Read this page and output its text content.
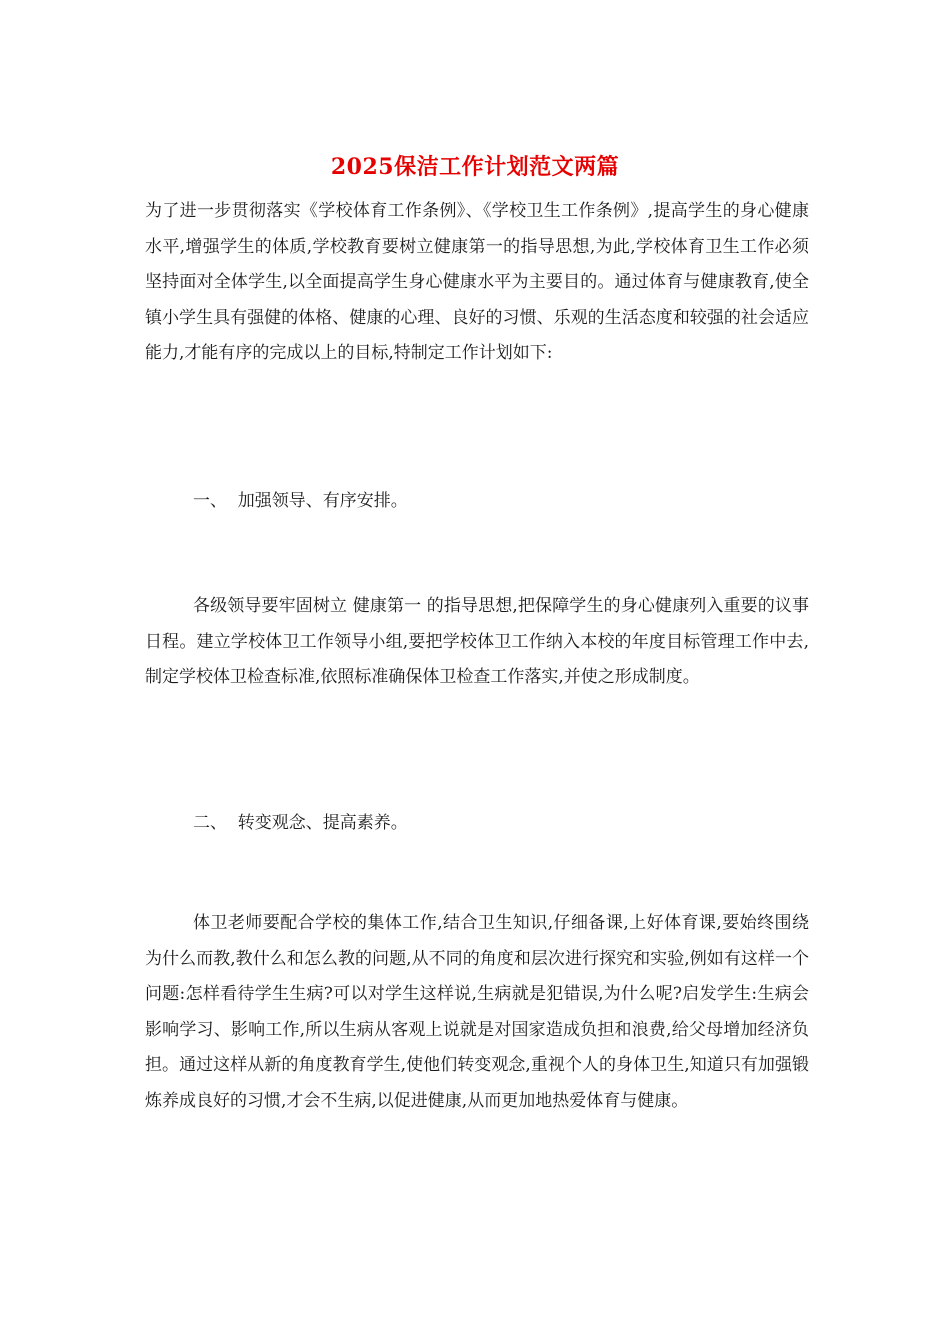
2025保洁工作计划范文两篇
为了进一步贯彻落实《学校体育工作条例》、《学校卫生工作条例》,提高学生的身心健康水平,增强学生的体质,学校教育要树立健康第一的指导思想,为此,学校体育卫生工作必须坚持面对全体学生,以全面提高学生身心健康水平为主要目的。通过体育与健康教育,使全镇小学生具有强健的体格、健康的心理、良好的习惯、乐观的生活态度和较强的社会适应能力,才能有序的完成以上的目标,特制定工作计划如下:
一、  加强领导、有序安排。
各级领导要牢固树立 健康第一 的指导思想,把保障学生的身心健康列入重要的议事日程。建立学校体卫工作领导小组,要把学校体卫工作纳入本校的年度目标管理工作中去,制定学校体卫检查标准,依照标准确保体卫检查工作落实,并使之形成制度。
二、  转变观念、提高素养。
体卫老师要配合学校的集体工作,结合卫生知识,仔细备课,上好体育课,要始终围绕为什么而教,教什么和怎么教的问题,从不同的角度和层次进行探究和实验,例如有这样一个问题:怎样看待学生生病?可以对学生这样说,生病就是犯错误,为什么呢?启发学生:生病会影响学习、影响工作,所以生病从客观上说就是对国家造成负担和浪费,给父母增加经济负担。通过这样从新的角度教育学生,使他们转变观念,重视个人的身体卫生,知道只有加强锻炼养成良好的习惯,才会不生病,以促进健康,从而更加地热爱体育与健康。
